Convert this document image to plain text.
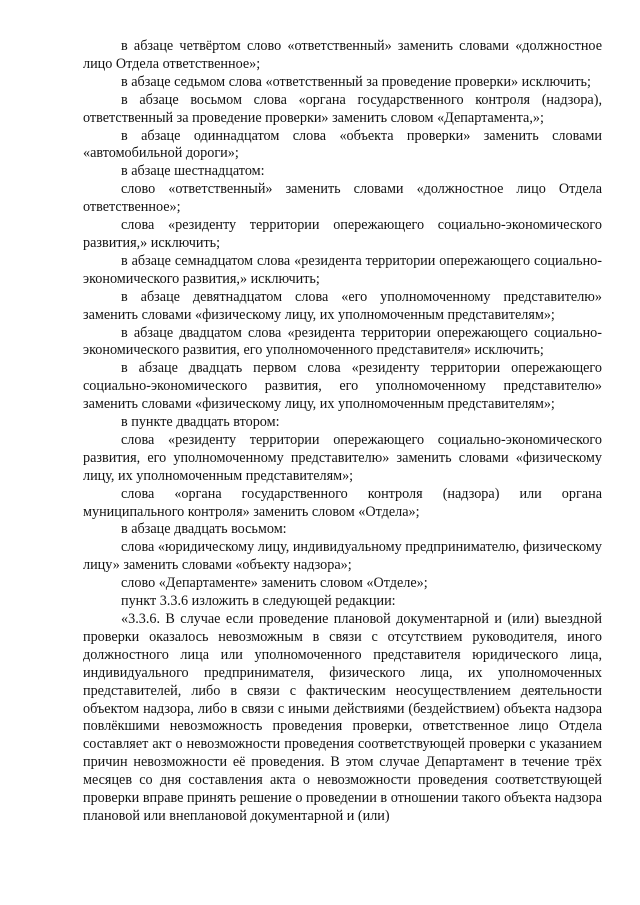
в абзаце четвёртом слово «ответственный» заменить словами «должностное лицо Отдела ответственное»;

в абзаце седьмом слова «ответственный за проведение проверки» исключить;

в абзаце восьмом слова «органа государственного контроля (надзора), ответственный за проведение проверки» заменить словом «Департамента,»;

в абзаце одиннадцатом слова «объекта проверки» заменить словами «автомобильной дороги»;

в абзаце шестнадцатом:

слово «ответственный» заменить словами «должностное лицо Отдела ответственное»;

слова «резиденту территории опережающего социально-экономического развития,» исключить;

в абзаце семнадцатом слова «резидента территории опережающего социально-экономического развития,» исключить;

в абзаце девятнадцатом слова «его уполномоченному представителю» заменить словами «физическому лицу, их уполномоченным представителям»;

в абзаце двадцатом слова «резидента территории опережающего социально-экономического развития, его уполномоченного представителя» исключить;

в абзаце двадцать первом слова «резиденту территории опережающего социально-экономического развития, его уполномоченному представителю» заменить словами «физическому лицу, их уполномоченным представителям»;

в пункте двадцать втором:

слова «резиденту территории опережающего социально-экономического развития, его уполномоченному представителю» заменить словами «физическому лицу, их уполномоченным представителям»;

слова «органа государственного контроля (надзора) или органа муниципального контроля» заменить словом «Отдела»;

в абзаце двадцать восьмом:

слова «юридическому лицу, индивидуальному предпринимателю, физическому лицу» заменить словами «объекту надзора»;

слово «Департаменте» заменить словом «Отделе»;

пункт 3.3.6 изложить в следующей редакции:

«3.3.6. В случае если проведение плановой документарной и (или) выездной проверки оказалось невозможным в связи с отсутствием руководителя, иного должностного лица или уполномоченного представителя юридического лица, индивидуального предпринимателя, физического лица, их уполномоченных представителей, либо в связи с фактическим неосуществлением деятельности объектом надзора, либо в связи с иными действиями (бездействием) объекта надзора повлёкшими невозможность проведения проверки, ответственное лицо Отдела составляет акт о невозможности проведения соответствующей проверки с указанием причин невозможности её проведения. В этом случае Департамент в течение трёх месяцев со дня составления акта о невозможности проведения соответствующей проверки вправе принять решение о проведении в отношении такого объекта надзора плановой или внеплановой документарной и (или)
